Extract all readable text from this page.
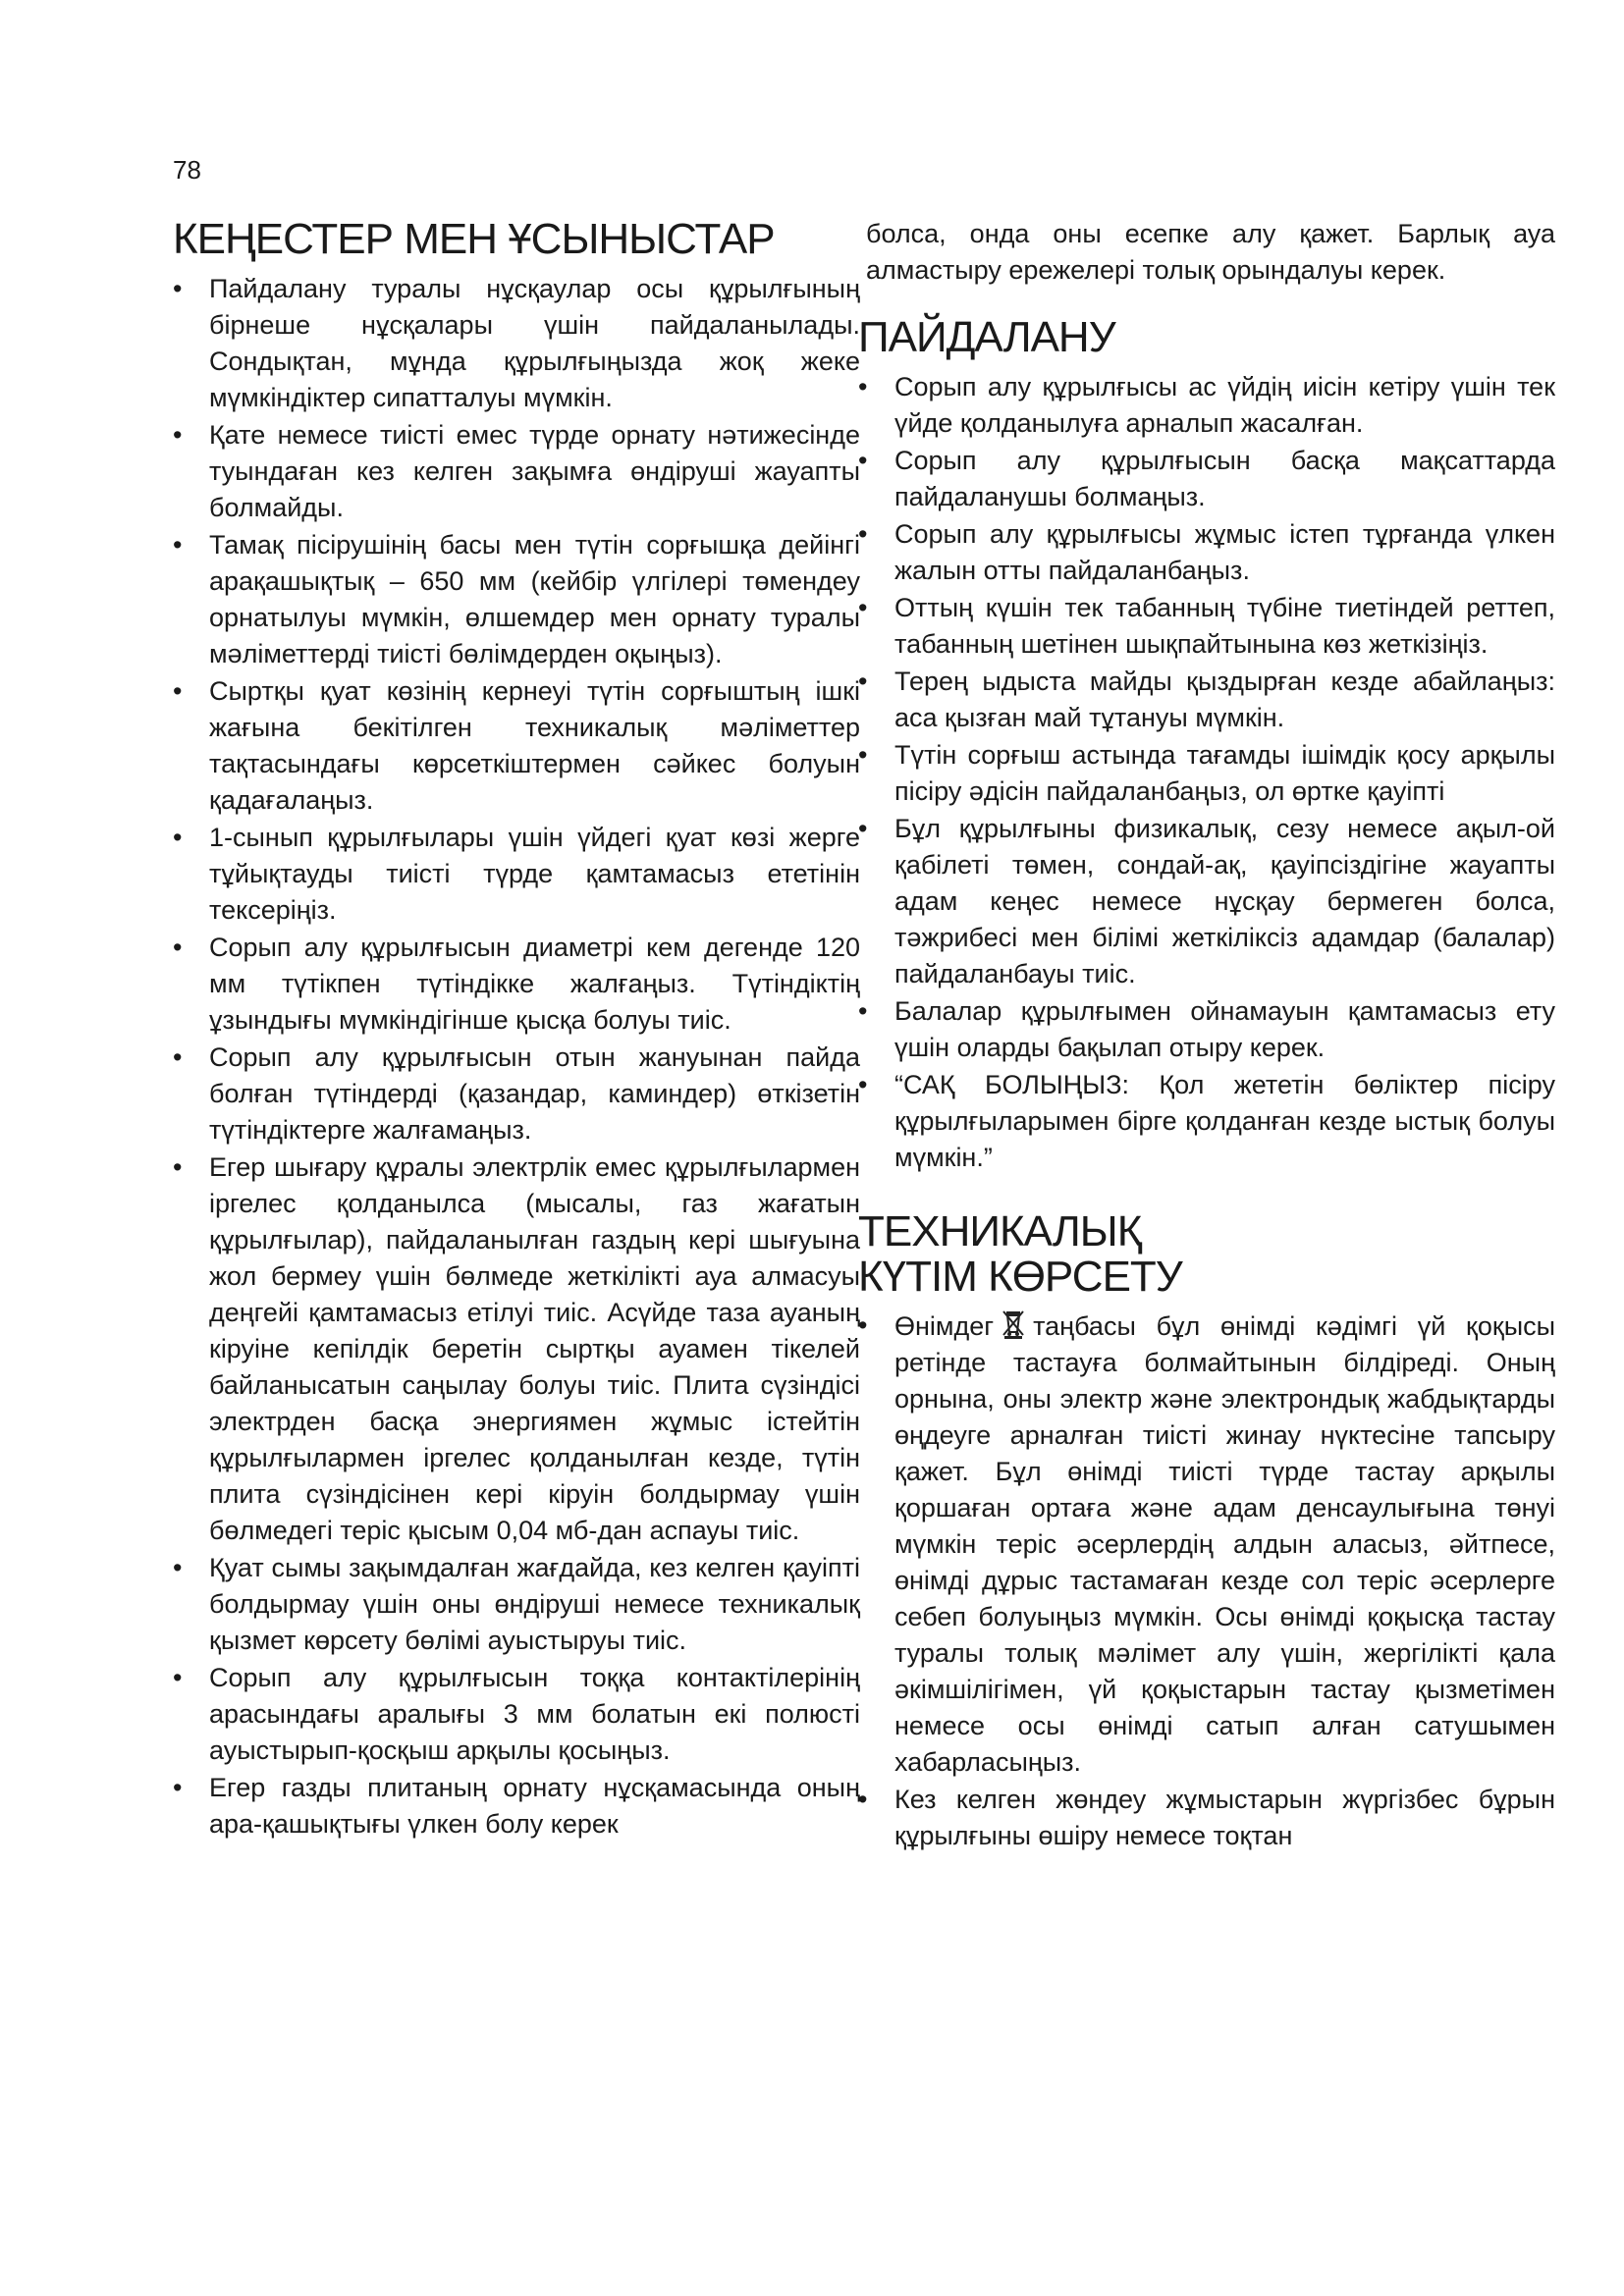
78
КЕҢЕСТЕР МЕН ҰСЫНЫСТАР
• Пайдалану туралы нұсқаулар осы құрылғының бірнеше нұсқалары үшін пайдаланылады. Сондықтан, мұнда құрылғыңызда жоқ жеке мүмкіндіктер сипатталуы мүмкін.
• Қате немесе тиісті емес түрде орнату нәтижесінде туындаған кез келген зақымға өндіруші жауапты болмайды.
• Тамақ пісірушінің басы мен түтін сорғышқа дейінгі арақашықтық – 650 мм (кейбір үлгілері төмендеу орнатылуы мүмкін, өлшемдер мен орнату туралы мәліметтерді тиісті бөлімдерден оқыңыз).
• Сыртқы қуат көзінің кернеуі түтін сорғыштың ішкі жағына бекітілген техникалық мәліметтер тақтасындағы көрсеткіштермен сәйкес болуын қадағалаңыз.
• 1-сынып құрылғылары үшін үйдегі қуат көзі жерге тұйықтауды тиісті түрде қамтамасыз ететінін тексеріңіз.
• Сорып алу құрылғысын диаметрі кем дегенде 120 мм түтікпен түтіндікке жалғаңыз. Түтіндіктің ұзындығы мүмкіндігінше қысқа болуы тиіс.
• Сорып алу құрылғысын отын жануынан пайда болған түтіндерді (қазандар, каминдер) өткізетін түтіндіктерге жалғамаңыз.
• Егер шығару құралы электрлік емес құрылғылармен іргелес қолданылса (мысалы, газ жағатын құрылғылар), пайдаланылған газдың кері шығуына жол бермеу үшін бөлмеде жеткілікті ауа алмасуы деңгейі қамтамасыз етілуі тиіс. Асүйде таза ауаның кіруіне кепілдік беретін сыртқы ауамен тікелей байланысатын саңылау болуы тиіс. Плита сүзіндісі электрден басқа энергиямен жұмыс істейтін құрылғылармен іргелес қолданылған кезде, түтін плита сүзіндісінен кері кіруін болдырмау үшін бөлмедегі теріс қысым 0,04 мб-дан аспауы тиіс.
• Қуат сымы зақымдалған жағдайда, кез келген қауіпті болдырмау үшін оны өндіруші немесе техникалық қызмет көрсету бөлімі ауыстыруы тиіс.
• Сорып алу құрылғысын тоққа контактілерінің арасындағы аралығы 3 мм болатын екі полюсті ауыстырып-қосқыш арқылы қосыңыз.
• Егер газды плитаның орнату нұсқамасында оның ара-қашықтығы үлкен болу керек

болса, онда оны есепке алу қажет. Барлық ауа алмастыру ережелері толық орындалуы керек.

ПАЙДАЛАНУ
• Сорып алу құрылғысы ас үйдің иісін кетіру үшін тек үйде қолданылуға арналып жасалған.
• Сорып алу құрылғысын басқа мақсаттарда пайдаланушы болмаңыз.
• Сорып алу құрылғысы жұмыс істеп тұрғанда үлкен жалын отты пайдаланбаңыз.
• Оттың күшін тек табанның түбіне тиетіндей реттеп, табанның шетінен шықпайтынына көз жеткізіңіз.
• Терең ыдыста майды қыздырған кезде абайлаңыз: аса қызған май тұтануы мүмкін.
• Түтін сорғыш астында тағамды ішімдік қосу арқылы пісіру әдісін пайдаланбаңыз, ол өртке қауіпті
• Бұл құрылғыны физикалық, сезу немесе ақыл-ой қабілеті төмен, сондай-ақ, қауіпсіздігіне жауапты адам кеңес немесе нұсқау бермеген болса, тәжрибесі мен білімі жеткіліксіз адамдар (балалар) пайдаланбауы тиіс.
• Балалар құрылғымен ойнамауын қамтамасыз ету үшін оларды бақылап отыру керек.
• “САҚ БОЛЫҢЫЗ: Қол жететін бөліктер пісіру құрылғыларымен бірге қолданған кезде ыстық болуы мүмкін.”
ТЕХНИКАЛЫҚ
КҮТІМ КӨРСЕТУ
• Өнімдег таңбасы бұл өнімді кәдімгі үй қоқысы ретінде тастауға болмайтынын білдіреді. Оның орнына, оны электр және электрондық жабдықтарды өңдеуге арналған тиісті жинау нүктесіне тапсыру қажет. Бұл өнімді тиісті түрде тастау арқылы қоршаған ортаға және адам денсаулығына төнуі мүмкін теріс әсерлердің алдын аласыз, әйтпесе, өнімді дұрыс тастамаған кезде сол теріс әсерлерге себеп болуыңыз мүмкін. Осы өнімді қоқысқа тастау туралы толық мәлімет алу үшін, жергілікті қала әкімшілігімен, үй қоқыстарын тастау қызметімен немесе осы өнімді сатып алған сатушымен хабарласыңыз.
• Кез келген жөндеу жұмыстарын жүргізбес бұрын құрылғыны өшіру немесе тоқтан
